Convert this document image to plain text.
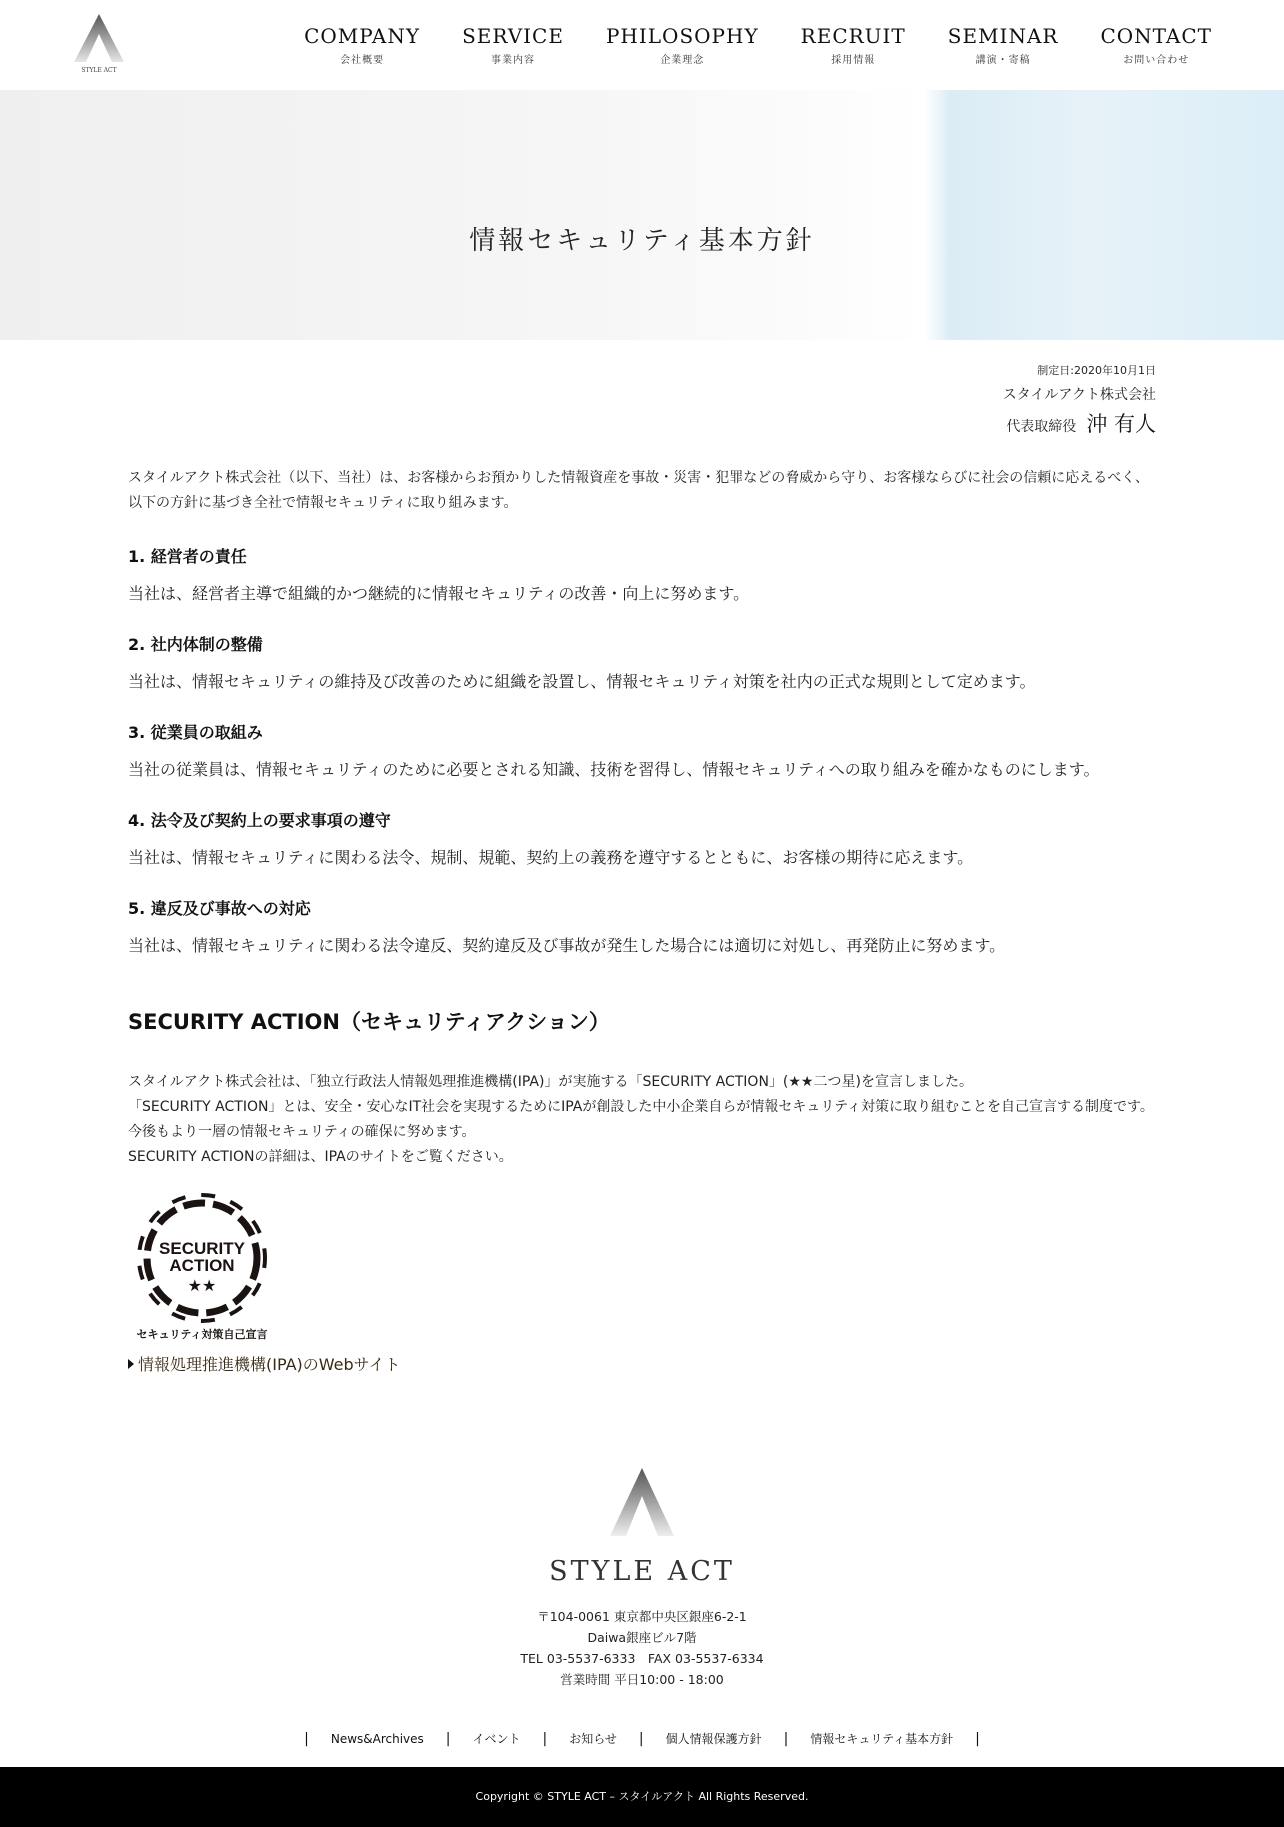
STYLE ACT
COMPANY
会社概要
SERVICE
事業内容
PHILOSOPHY
企業理念
RECRUIT
採用情報
SEMINAR
講演・寄稿
CONTACT
お問い合わせ
情報セキュリティ基本方針
制定日:2020年10月1日
スタイルアクト株式会社
代表取締役 沖 有人

スタイルアクト株式会社（以下、当社）は、お客様からお預かりした情報資産を事故・災害・犯罪などの脅威から守り、お客様ならびに社会の信頼に応えるべく、以下の方針に基づき全社で情報セキュリティに取り組みます。

1. 経営者の責任

当社は、経営者主導で組織的かつ継続的に情報セキュリティの改善・向上に努めます。

2. 社内体制の整備

当社は、情報セキュリティの維持及び改善のために組織を設置し、情報セキュリティ対策を社内の正式な規則として定めます。

3. 従業員の取組み

当社の従業員は、情報セキュリティのために必要とされる知識、技術を習得し、情報セキュリティへの取り組みを確かなものにします。

4. 法令及び契約上の要求事項の遵守

当社は、情報セキュリティに関わる法令、規制、規範、契約上の義務を遵守するとともに、お客様の期待に応えます。

5. 違反及び事故への対応

当社は、情報セキュリティに関わる法令違反、契約違反及び事故が発生した場合には適切に対処し、再発防止に努めます。

SECURITY ACTION（セキュリティアクション）
スタイルアクト株式会社は、「独立行政法人情報処理推進機構(IPA)」が実施する「SECURITY ACTION」(★★二つ星)を宣言しました。
「SECURITY ACTION」とは、安全・安心なIT社会を実現するためにIPAが創設した中小企業自らが情報セキュリティ対策に取り組むことを自己宣言する制度です。
今後もより一層の情報セキュリティの確保に努めます。
SECURITY ACTIONの詳細は、IPAのサイトをご覧ください。
SECURITY
ACTION
★★
セキュリティ対策自己宣言
情報処理推進機構(IPA)のWebサイト
STYLE ACT
〒104-0061 東京都中央区銀座6-2-1
Daiwa銀座ビル7階
TEL 03-5537-6333　FAX 03-5537-6334
営業時間 平日10:00 - 18:00
| News&Archives | イベント | お知らせ | 個人情報保護方針 | 情報セキュリティ基本方針 |
Copyright © STYLE ACT – スタイルアクト All Rights Reserved.
